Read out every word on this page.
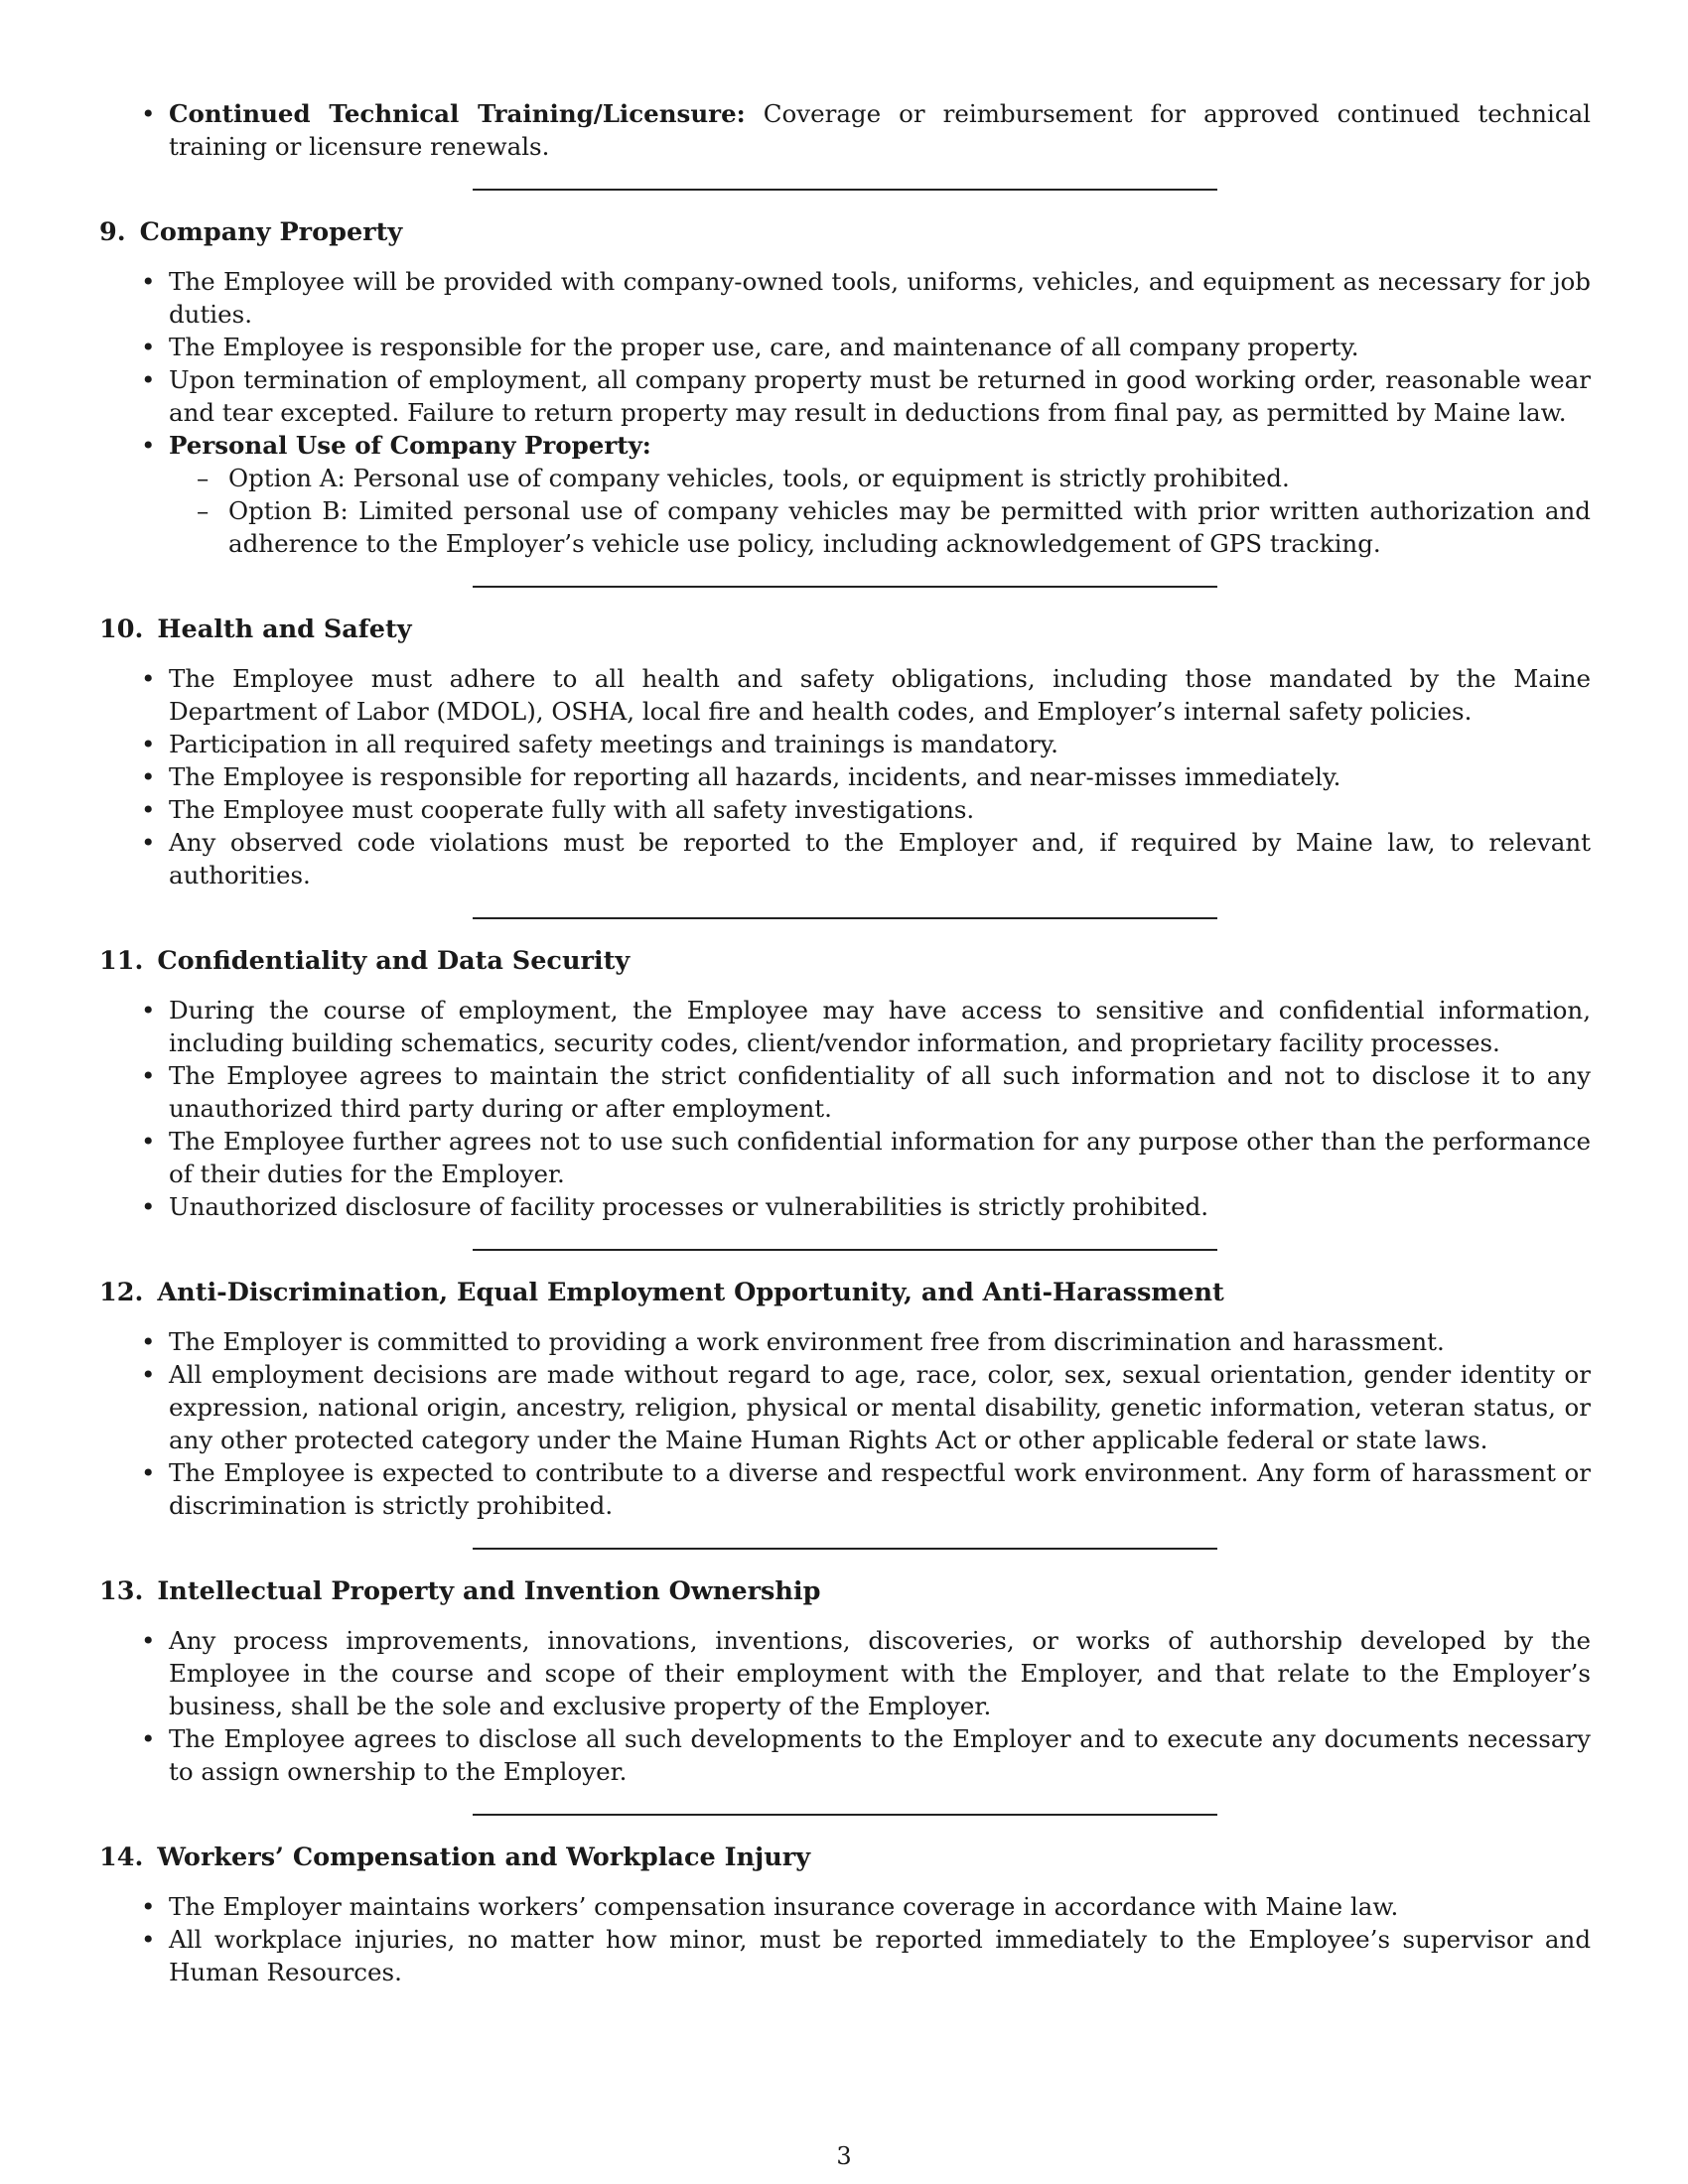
• Continued Technical Training/Licensure: Coverage or reimbursement for approved continued technical training or licensure renewals.
9. Company Property
• The Employee will be provided with company-owned tools, uniforms, vehicles, and equipment as necessary for job duties.
• The Employee is responsible for the proper use, care, and maintenance of all company property.
• Upon termination of employment, all company property must be returned in good working order, reasonable wear and tear excepted. Failure to return property may result in deductions from final pay, as permitted by Maine law.
• Personal Use of Company Property:
– Option A: Personal use of company vehicles, tools, or equipment is strictly prohibited.
– Option B: Limited personal use of company vehicles may be permitted with prior written authorization and adherence to the Employer’s vehicle use policy, including acknowledgement of GPS tracking.
10. Health and Safety
• The Employee must adhere to all health and safety obligations, including those mandated by the Maine Department of Labor (MDOL), OSHA, local fire and health codes, and Employer’s internal safety policies.
• Participation in all required safety meetings and trainings is mandatory.
• The Employee is responsible for reporting all hazards, incidents, and near-misses immediately.
• The Employee must cooperate fully with all safety investigations.
• Any observed code violations must be reported to the Employer and, if required by Maine law, to relevant authorities.
11. Confidentiality and Data Security
• During the course of employment, the Employee may have access to sensitive and confidential information, including building schematics, security codes, client/vendor information, and proprietary facility processes.
• The Employee agrees to maintain the strict confidentiality of all such information and not to disclose it to any unauthorized third party during or after employment.
• The Employee further agrees not to use such confidential information for any purpose other than the performance of their duties for the Employer.
• Unauthorized disclosure of facility processes or vulnerabilities is strictly prohibited.
12. Anti-Discrimination, Equal Employment Opportunity, and Anti-Harassment
• The Employer is committed to providing a work environment free from discrimination and harassment.
• All employment decisions are made without regard to age, race, color, sex, sexual orientation, gender identity or expression, national origin, ancestry, religion, physical or mental disability, genetic information, veteran status, or any other protected category under the Maine Human Rights Act or other applicable federal or state laws.
• The Employee is expected to contribute to a diverse and respectful work environment. Any form of harassment or discrimination is strictly prohibited.
13. Intellectual Property and Invention Ownership
• Any process improvements, innovations, inventions, discoveries, or works of authorship developed by the Employee in the course and scope of their employment with the Employer, and that relate to the Employer’s business, shall be the sole and exclusive property of the Employer.
• The Employee agrees to disclose all such developments to the Employer and to execute any documents necessary to assign ownership to the Employer.
14. Workers’ Compensation and Workplace Injury
• The Employer maintains workers’ compensation insurance coverage in accordance with Maine law.
• All workplace injuries, no matter how minor, must be reported immediately to the Employee’s supervisor and Human Resources.
3
